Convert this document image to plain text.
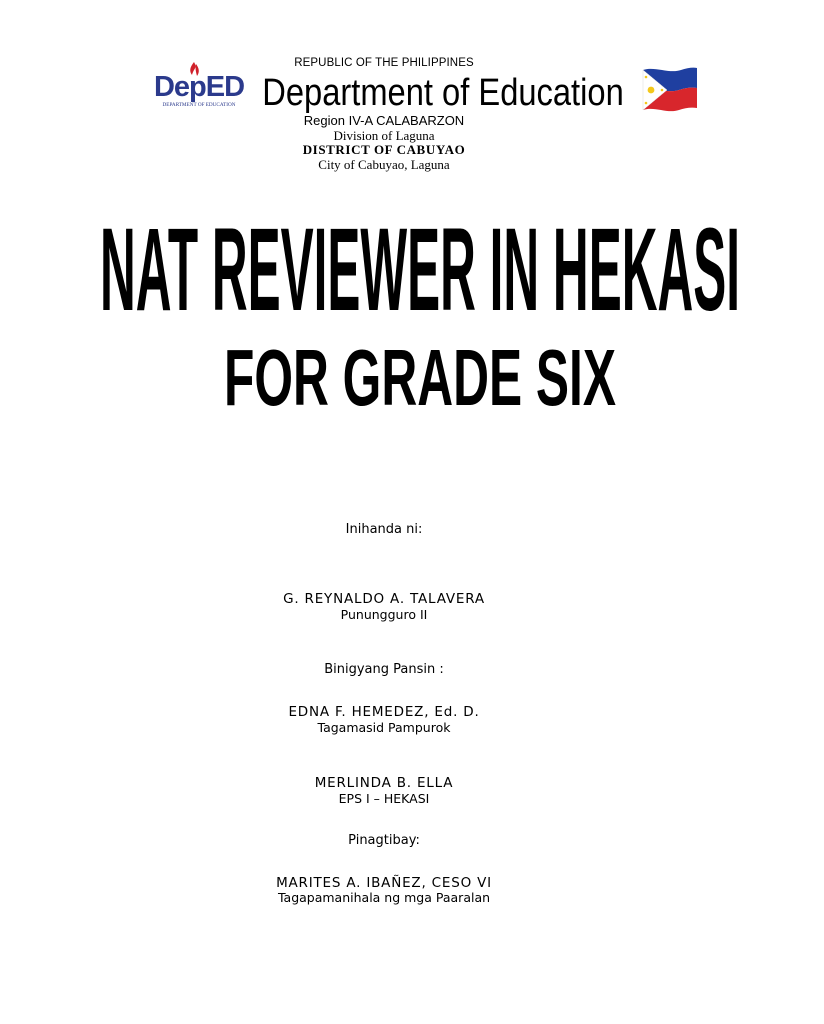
DepED
DEPARTMENT OF EDUCATION
REPUBLIC OF THE PHILIPPINES
Department of Education
Region IV-A CALABARZON
Division of Laguna
DISTRICT OF CABUYAO
City of Cabuyao, Laguna
NAT REVIEWER IN HEKASI
FOR GRADE SIX
Inihanda ni:
G. REYNALDO A. TALAVERA
Punungguro II
Binigyang Pansin :
EDNA F. HEMEDEZ, Ed. D.
Tagamasid Pampurok
MERLINDA B. ELLA
EPS I – HEKASI
Pinagtibay:
MARITES A. IBAÑEZ, CESO VI
Tagapamanihala ng mga Paaralan
